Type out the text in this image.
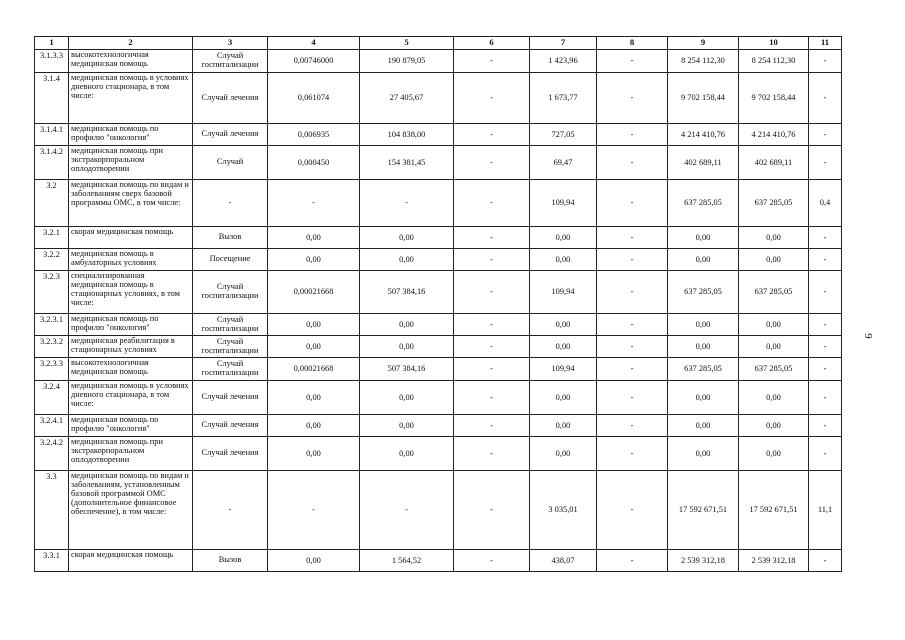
1	2	3	4	5	6	7	8	9	10	11
3.1.3.3	высокотехнологичная медицинская помощь	Случай госпитализации	0,00746000	190 879,05	-	1 423,96	-	8 254 112,30	8 254 112,30	-
3.1.4	медицинская помощь в условиях дневного стационара, в том числе:	Случай лечения	0,061074	27 405,67	-	1 673,77	-	9 702 158,44	9 702 158,44	-
3.1.4.1	медицинская помощь по профилю "онкология"	Случай лечения	0,006935	104 838,00	-	727,05	-	4 214 410,76	4 214 410,76	-
3.1.4.2	медицинская помощь при экстракорпоральном оплодотворении	Случай	0,000450	154 381,45	-	69,47	-	402 689,11	402 689,11	-
3.2	медицинская помощь по видам и заболеваниям сверх базовой программы ОМС, в том числе:	-	-	-	-	109,94	-	637 285,05	637 285,05	0,4
3.2.1	скорая медицинская помощь	Вызов	0,00	0,00	-	0,00	-	0,00	0,00	-
3.2.2	медицинская помощь в амбулаторных условиях	Посещение	0,00	0,00	-	0,00	-	0,00	0,00	-
3.2.3	специализированная медицинская помощь в стационарных условиях, в том числе:	Случай госпитализации	0,00021668	507 384,16	-	109,94	-	637 285,05	637 285,05	-
3.2.3.1	медицинская помощь по профилю "онкология"	Случай госпитализации	0,00	0,00	-	0,00	-	0,00	0,00	-
3.2.3.2	медицинская реабилитация в стационарных условиях	Случай госпитализации	0,00	0,00	-	0,00	-	0,00	0,00	-
3.2.3.3	высокотехнологичная медицинская помощь	Случай госпитализации	0,00021668	507 384,16	-	109,94	-	637 285,05	637 285,05	-
3.2.4	медицинская помощь в условиях дневного стационара, в том числе:	Случай лечения	0,00	0,00	-	0,00	-	0,00	0,00	-
3.2.4.1	медицинская помощь по профилю "онкология"	Случай лечения	0,00	0,00	-	0,00	-	0,00	0,00	-
3.2.4.2	медицинская помощь при экстракорпоральном оплодотворении	Случай лечения	0,00	0,00	-	0,00	-	0,00	0,00	-
3.3	медицинская помощь по видам и заболеваниям, установленным базовой программой ОМС (дополнительное финансовое обеспечение), в том числе:	-	-	-	-	3 035,01	-	17 592 671,51	17 592 671,51	11,1
3.3.1	скорая медицинская помощь	Вызов	0,00	1 564,52	-	438,07	-	2 539 312,18	2 539 312,18	-
9
